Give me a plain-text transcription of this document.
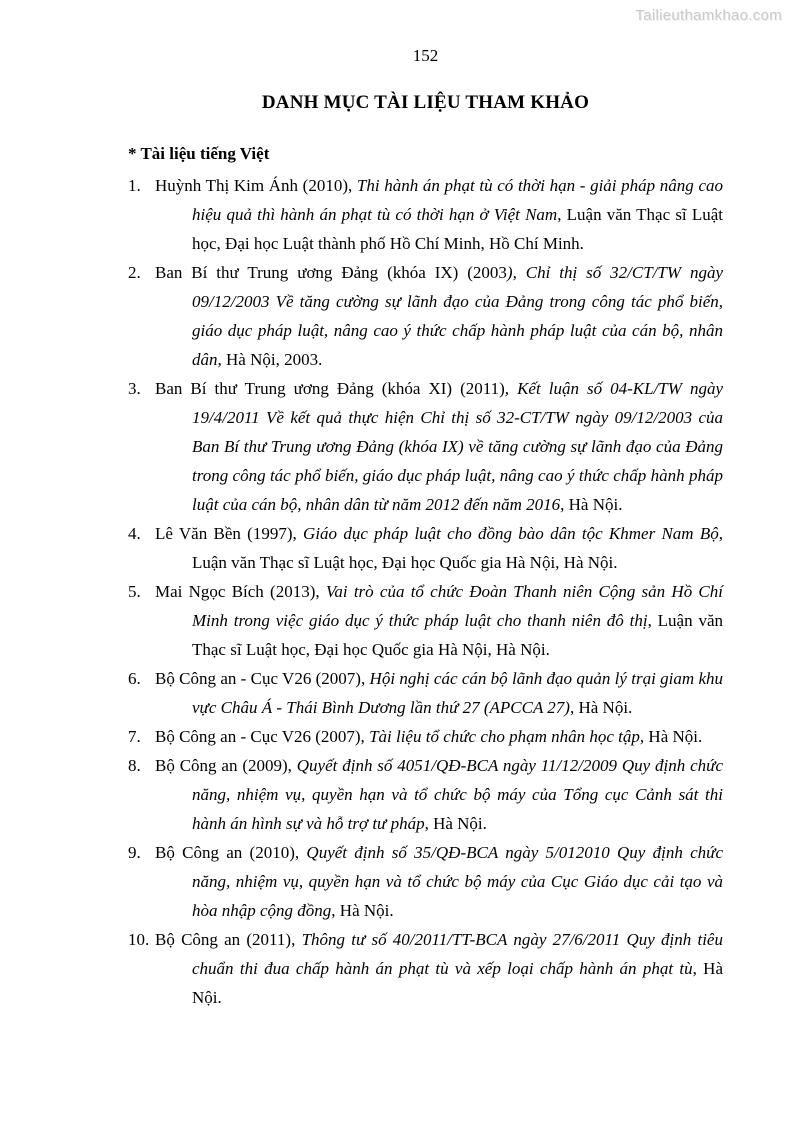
Tailieuthamkhao.com
152
DANH MỤC TÀI LIỆU THAM KHẢO
* Tài liệu tiếng Việt
1. Huỳnh Thị Kim Ánh (2010), Thi hành án phạt tù có thời hạn - giải pháp nâng cao hiệu quả thì hành án phạt tù có thời hạn ở Việt Nam, Luận văn Thạc sĩ Luật học, Đại học Luật thành phố Hồ Chí Minh, Hồ Chí Minh.
2. Ban Bí thư Trung ương Đảng (khóa IX) (2003), Chỉ thị số 32/CT/TW ngày 09/12/2003 Về tăng cường sự lãnh đạo của Đảng trong công tác phổ biến, giáo dục pháp luật, nâng cao ý thức chấp hành pháp luật của cán bộ, nhân dân, Hà Nội, 2003.
3. Ban Bí thư Trung ương Đảng (khóa XI) (2011), Kết luận số 04-KL/TW ngày 19/4/2011 Về kết quả thực hiện Chỉ thị số 32-CT/TW ngày 09/12/2003 của Ban Bí thư Trung ương Đảng (khóa IX) về tăng cường sự lãnh đạo của Đảng trong công tác phổ biến, giáo dục pháp luật, nâng cao ý thức chấp hành pháp luật của cán bộ, nhân dân từ năm 2012 đến năm 2016, Hà Nội.
4. Lê Văn Bền (1997), Giáo dục pháp luật cho đồng bào dân tộc Khmer Nam Bộ, Luận văn Thạc sĩ Luật học, Đại học Quốc gia Hà Nội, Hà Nội.
5. Mai Ngọc Bích (2013), Vai trò của tổ chức Đoàn Thanh niên Cộng sản Hồ Chí Minh trong việc giáo dục ý thức pháp luật cho thanh niên đô thị, Luận văn Thạc sĩ Luật học, Đại học Quốc gia Hà Nội, Hà Nội.
6. Bộ Công an - Cục V26 (2007), Hội nghị các cán bộ lãnh đạo quản lý trại giam khu vực Châu Á - Thái Bình Dương lần thứ 27 (APCCA 27), Hà Nội.
7. Bộ Công an - Cục V26 (2007), Tài liệu tổ chức cho phạm nhân học tập, Hà Nội.
8. Bộ Công an (2009), Quyết định số 4051/QĐ-BCA ngày 11/12/2009 Quy định chức năng, nhiệm vụ, quyền hạn và tổ chức bộ máy của Tổng cục Cảnh sát thi hành án hình sự và hỗ trợ tư pháp, Hà Nội.
9. Bộ Công an (2010), Quyết định số 35/QĐ-BCA ngày 5/012010 Quy định chức năng, nhiệm vụ, quyền hạn và tổ chức bộ máy của Cục Giáo dục cải tạo và hòa nhập cộng đồng, Hà Nội.
10. Bộ Công an (2011), Thông tư số 40/2011/TT-BCA ngày 27/6/2011 Quy định tiêu chuẩn thi đua chấp hành án phạt tù và xếp loại chấp hành án phạt tù, Hà Nội.
